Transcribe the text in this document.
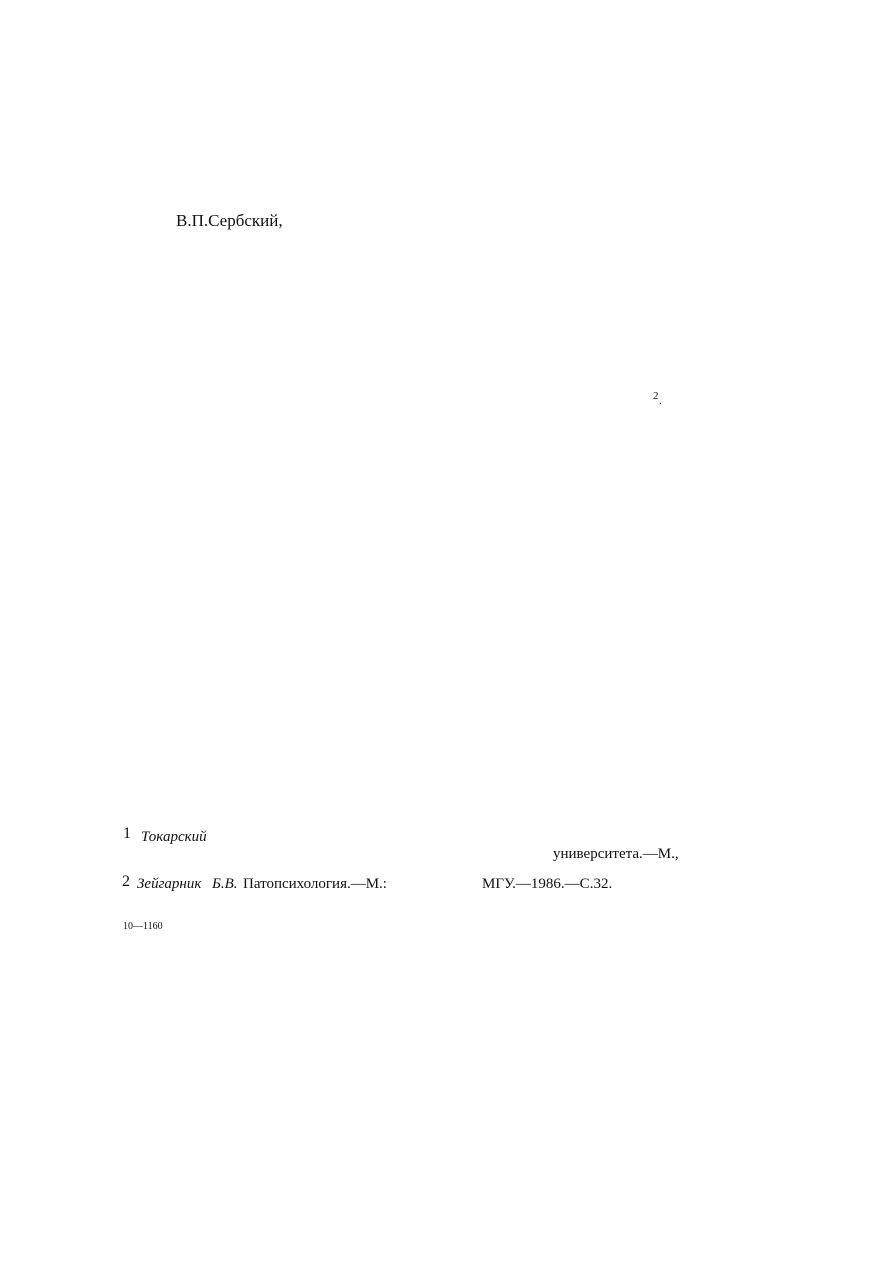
В.П.Сербский,
2 .
1 Токарский
университета.—М.,
2 Зейгарник Б.В. Патопсихология.—М.:	МГУ.—1986.—С.32.
10—1160
